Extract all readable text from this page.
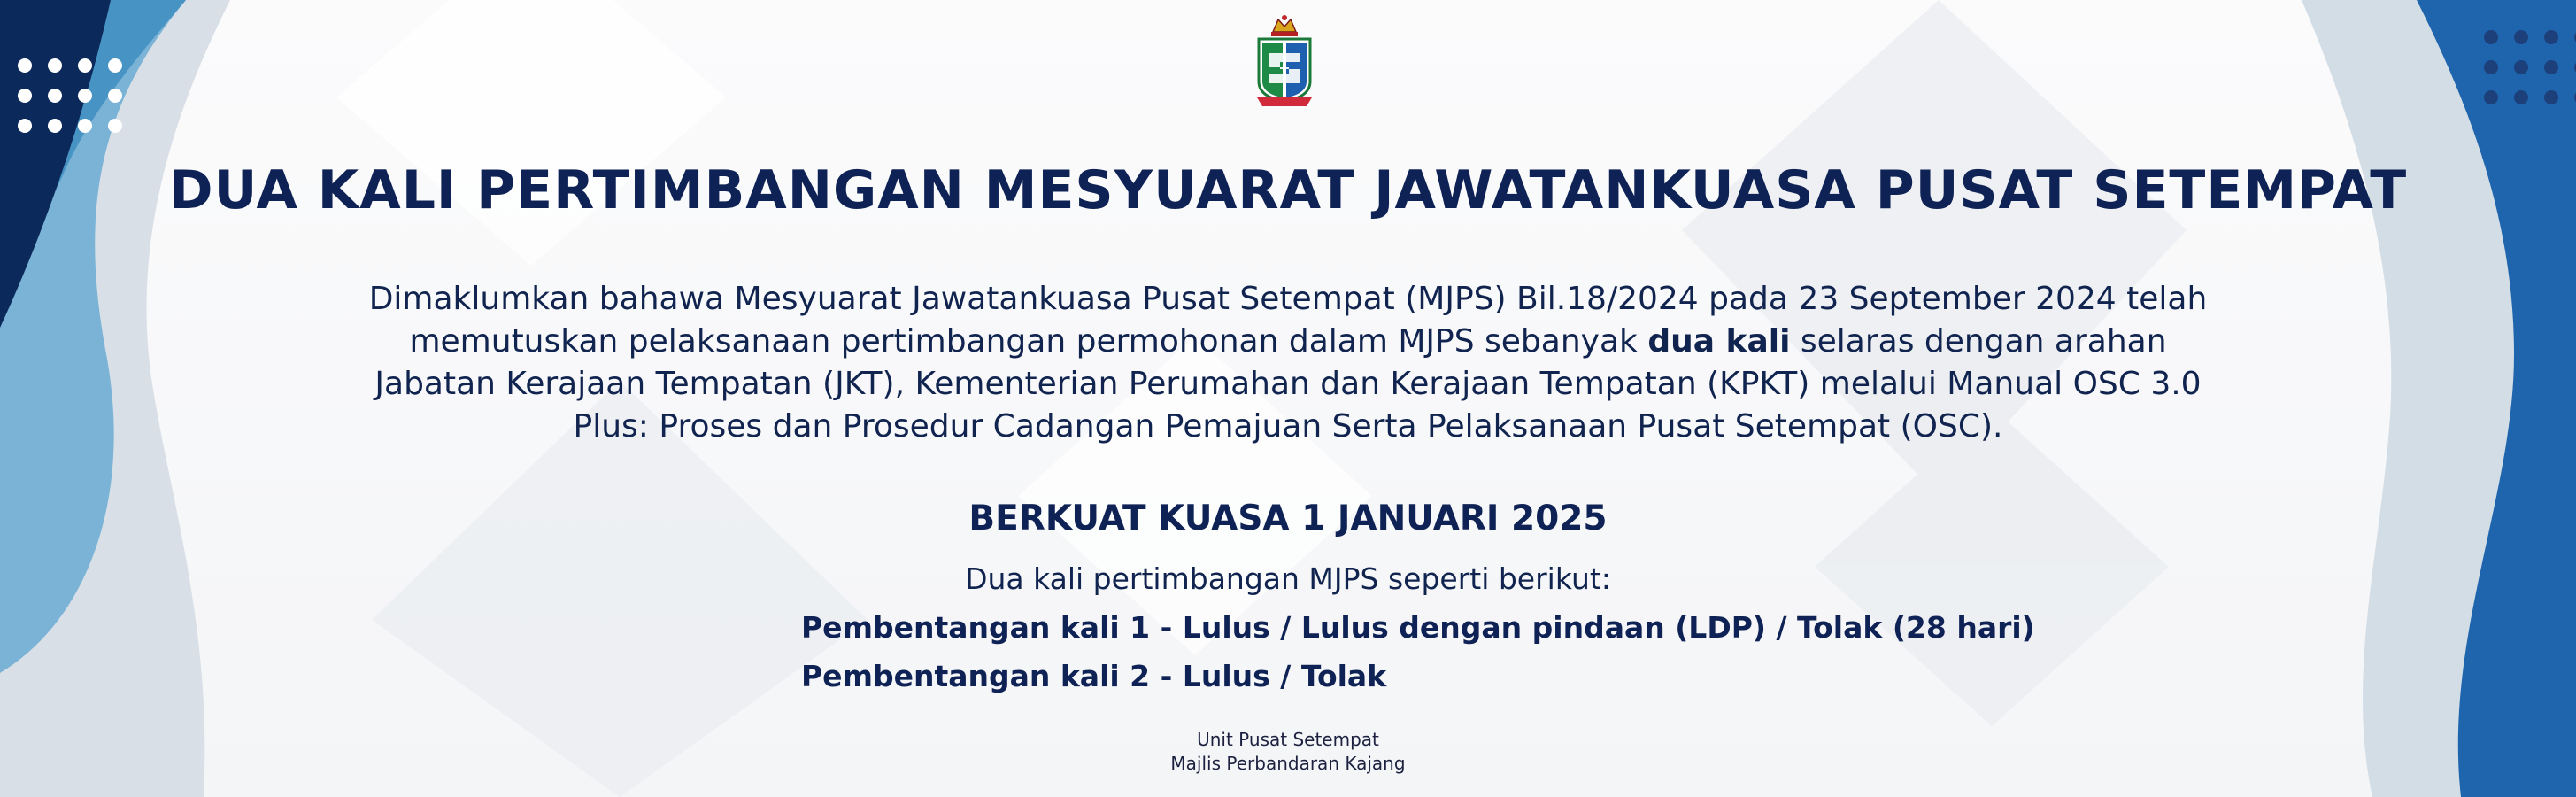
DUA KALI PERTIMBANGAN MESYUARAT JAWATANKUASA PUSAT SETEMPAT
Dimaklumkan bahawa Mesyuarat Jawatankuasa Pusat Setempat (MJPS) Bil.18/2024 pada 23 September 2024 telah memutuskan pelaksanaan pertimbangan permohonan dalam MJPS sebanyak dua kali selaras dengan arahan Jabatan Kerajaan Tempatan (JKT), Kementerian Perumahan dan Kerajaan Tempatan (KPKT) melalui Manual OSC 3.0 Plus: Proses dan Prosedur Cadangan Pemajuan Serta Pelaksanaan Pusat Setempat (OSC).
BERKUAT KUASA 1 JANUARI 2025
Dua kali pertimbangan MJPS seperti berikut:
Pembentangan kali 1 - Lulus / Lulus dengan pindaan (LDP) / Tolak (28 hari)
Pembentangan kali 2 - Lulus / Tolak
Unit Pusat Setempat
Majlis Perbandaran Kajang
